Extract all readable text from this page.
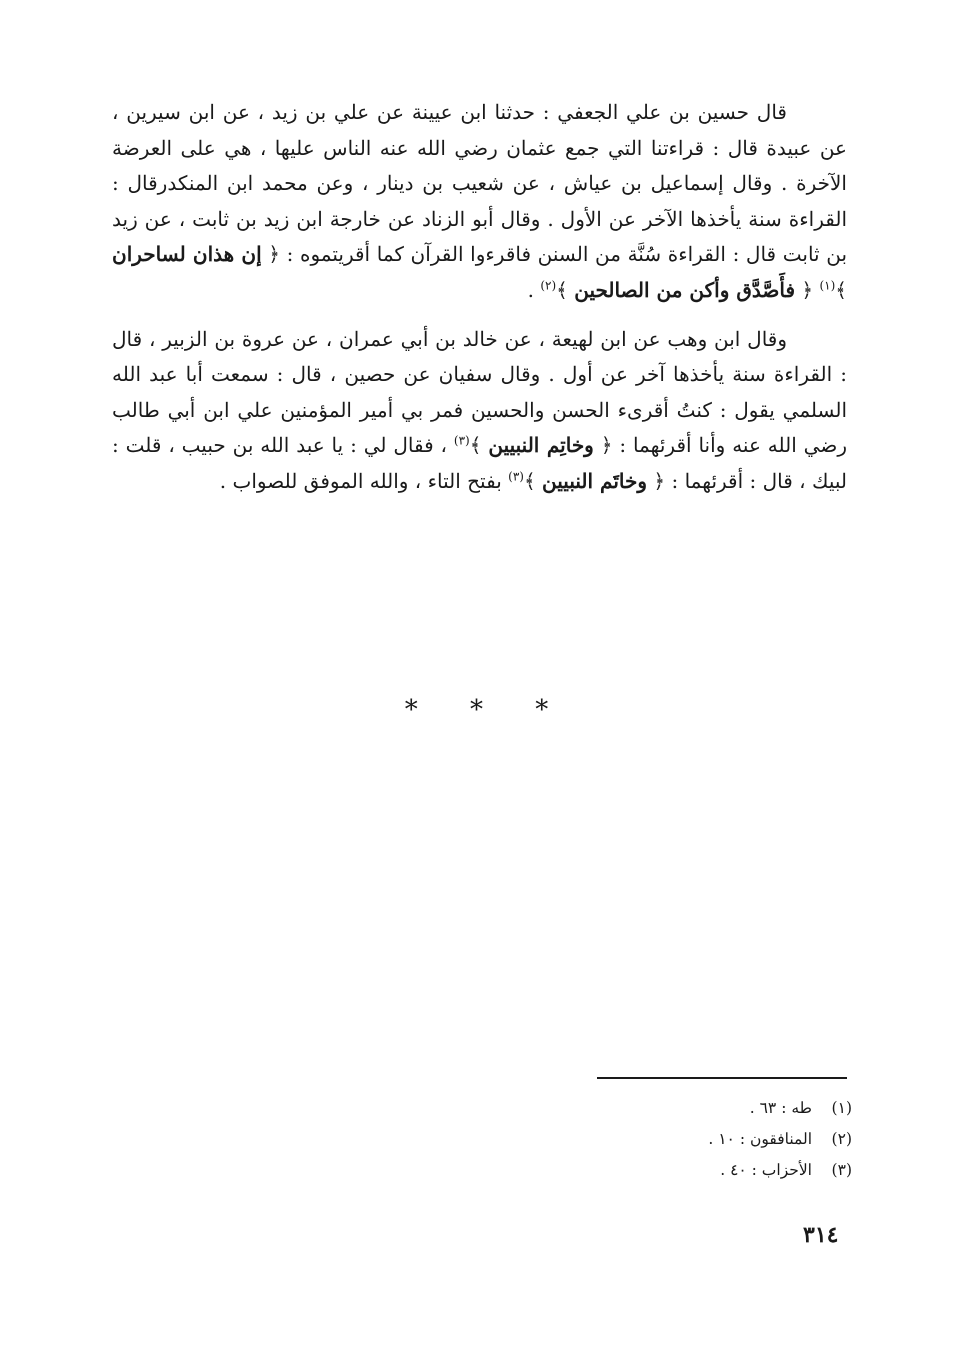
قال حسين بن علي الجعفي : حدثنا ابن عيينة عن علي بن زيد ، عن ابن سيرين ، عن عبيدة قال : قراءتنا التي جمع عثمان رضي الله عنه الناس عليها ، هي على العرضة الآخرة . وقال إسماعيل بن عياش ، عن شعيب بن دينار ، وعن محمد ابن المنكدرقال : القراءة سنة يأخذها الآخر عن الأول . وقال أبو الزناد عن خارجة ابن زيد بن ثابت ، عن زيد بن ثابت قال : القراءة سُنَّة من السنن فاقرءوا القرآن كما أقريتموه : ﴿ إن هذان لساحران ﴾$^{(١)}$ ﴿ فأَصَّدَّق وأكن من الصالحين ﴾$^{(٢)}$ .

وقال ابن وهب عن ابن لهيعة ، عن خالد بن أبي عمران ، عن عروة بن الزبير ، قال : القراءة سنة يأخذها آخر عن أول . وقال سفيان عن حصين ، قال : سمعت أبا عبد الله السلمي يقول : كنتُ أقرىء الحسن والحسين فمر بي أمير المؤمنين علي ابن أبي طالب رضي الله عنه وأنا أقرئهما : ﴿ وخاتِم النبيين ﴾$^{(٣)}$ ، فقال لي : يا عبد الله بن حبيب ، قلت : لبيك ، قال : أقرئهما : ﴿ وخاتَم النبيين ﴾$^{(٣)}$ بفتح التاء ، والله الموفق للصواب .

* * *
(١)
طه : ٦٣ .
(٢)
المنافقون : ١٠ .
(٣)
الأحزاب : ٤٠ .
٣١٤
